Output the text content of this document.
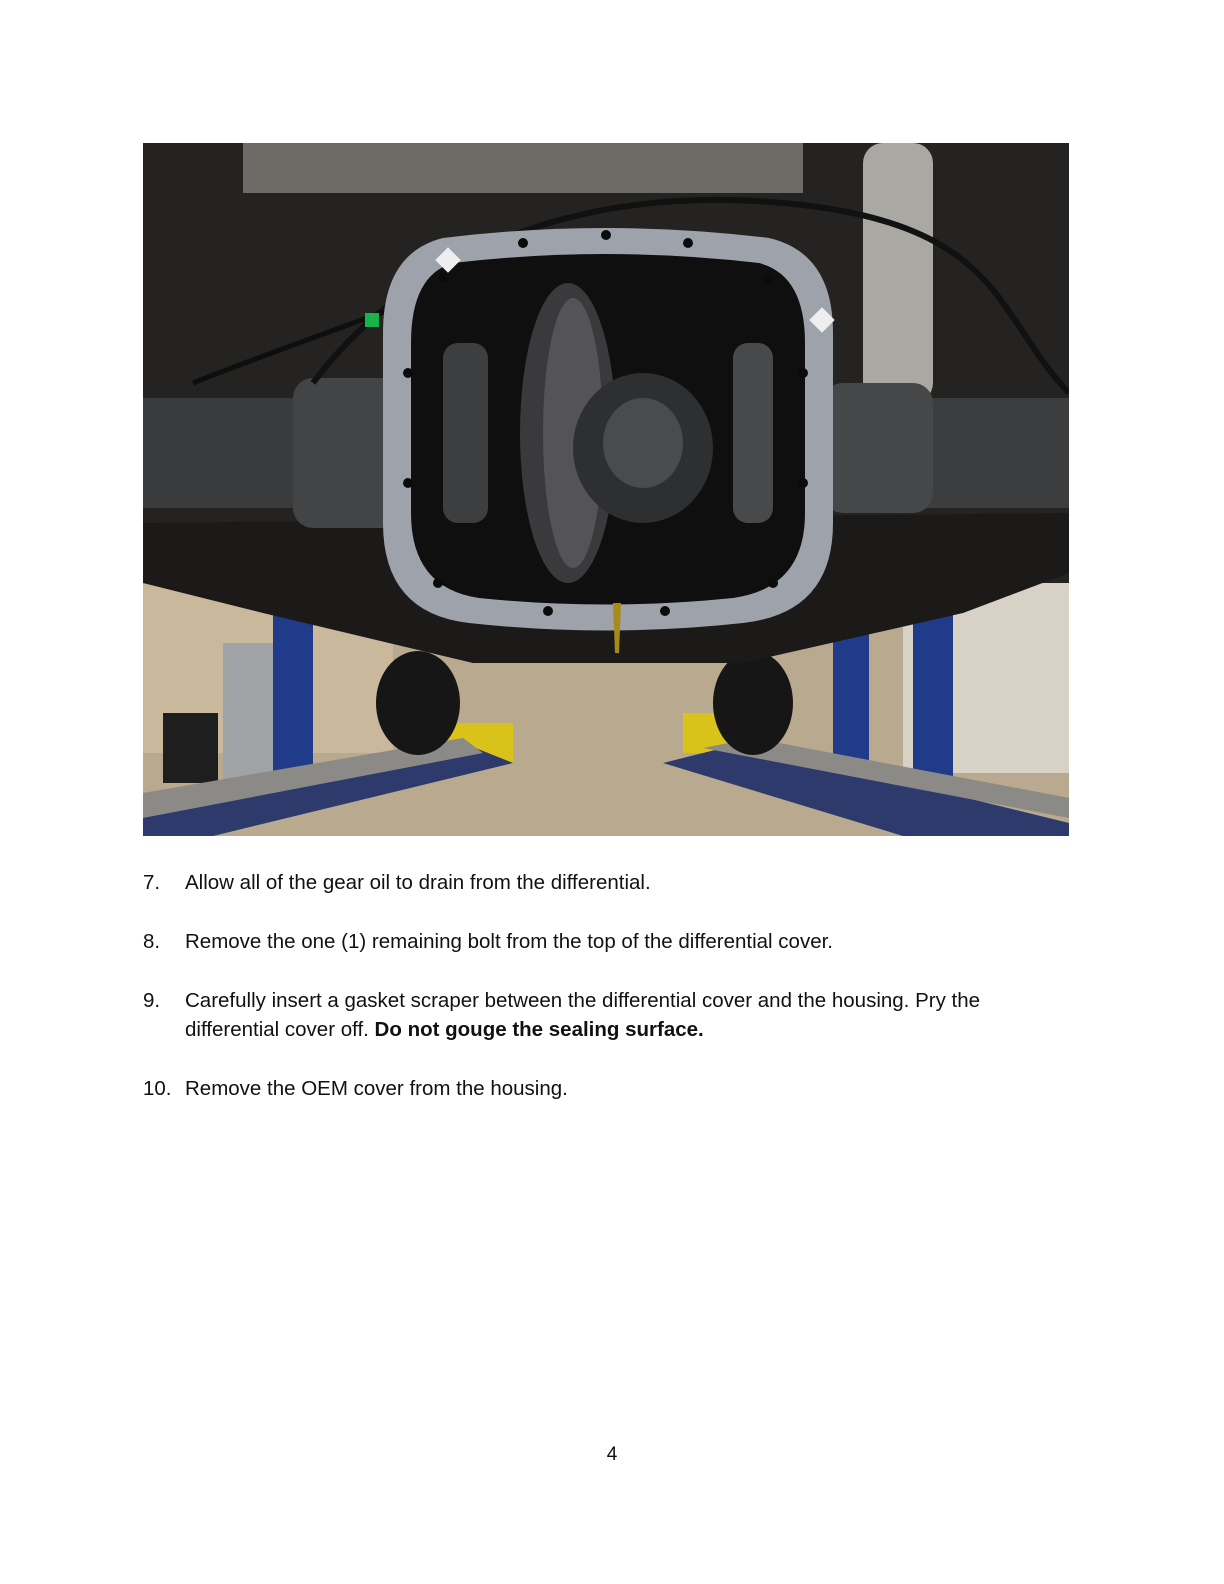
7. Allow all of the gear oil to drain from the differential.
8. Remove the one (1) remaining bolt from the top of the differential cover.
9. Carefully insert a gasket scraper between the differential cover and the housing. Pry the differential cover off. Do not gouge the sealing surface.
10. Remove the OEM cover from the housing.
4
